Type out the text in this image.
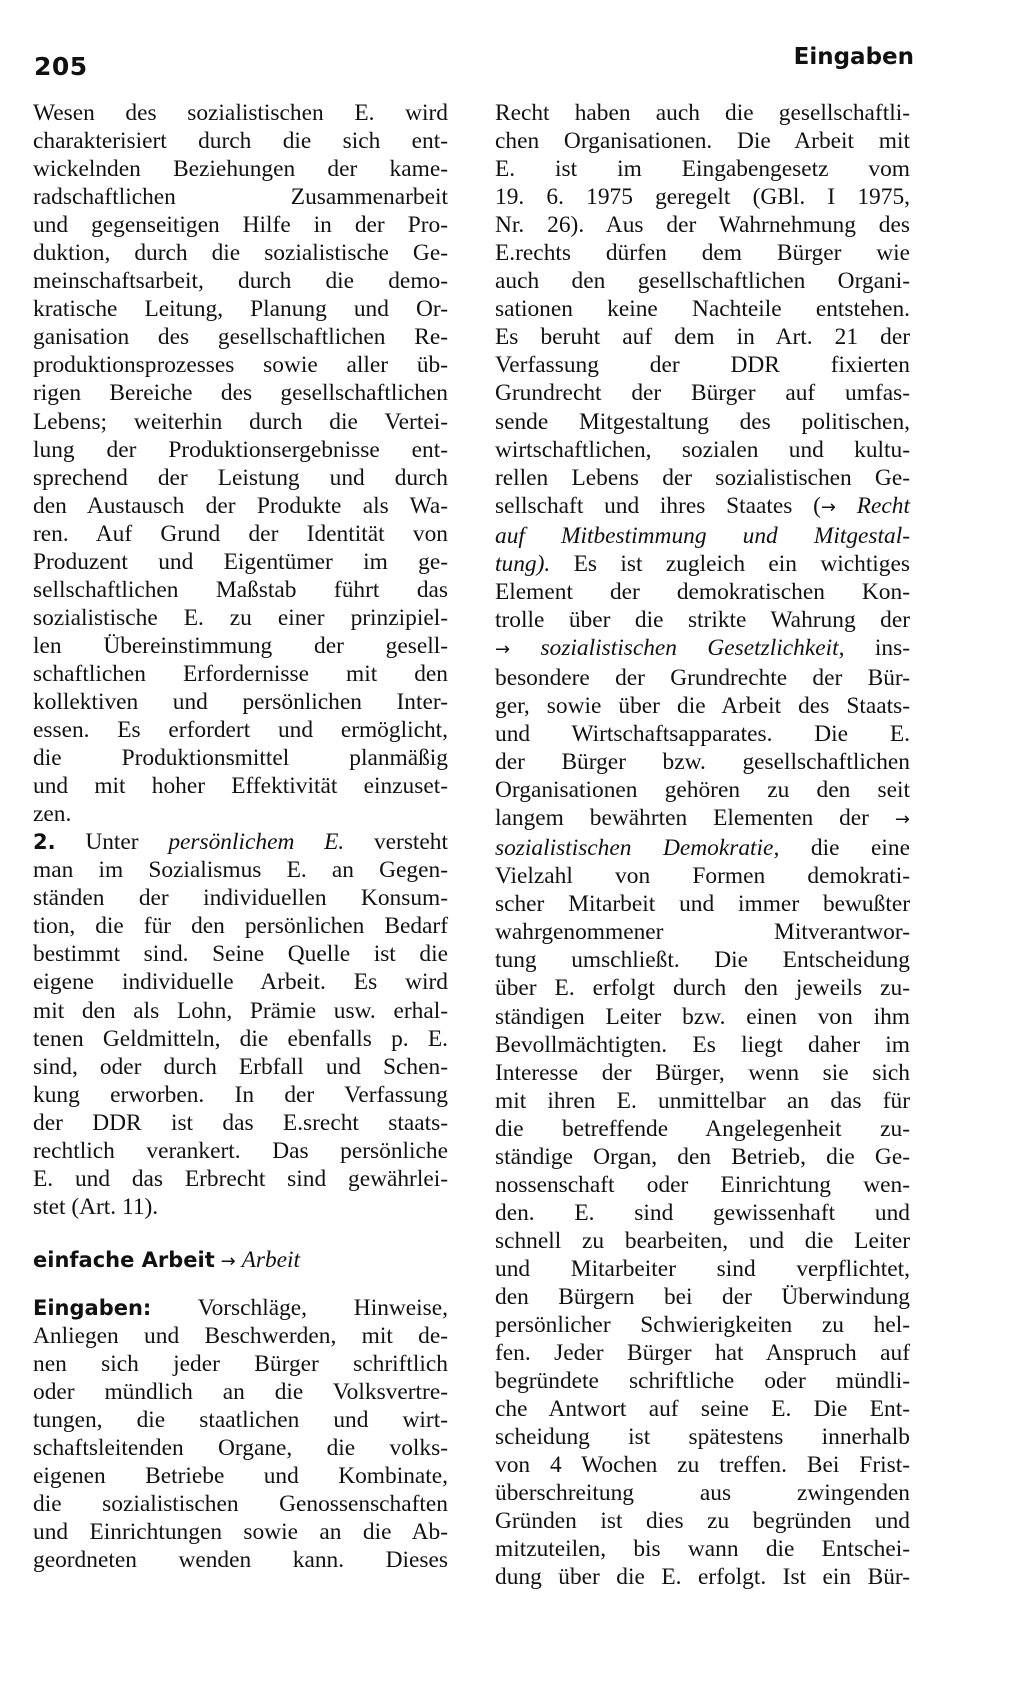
205	Eingaben
Wesen des sozialistischen E. wird
charakterisiert durch die sich ent-
wickelnden Beziehungen der kame-
radschaftlichen Zusammenarbeit
und gegenseitigen Hilfe in der Pro-
duktion, durch die sozialistische Ge-
meinschaftsarbeit, durch die demo-
kratische Leitung, Planung und Or-
ganisation des gesellschaftlichen Re-
produktionsprozesses sowie aller üb-
rigen Bereiche des gesellschaftlichen
Lebens; weiterhin durch die Vertei-
lung der Produktionsergebnisse ent-
sprechend der Leistung und durch
den Austausch der Produkte als Wa-
ren. Auf Grund der Identität von
Produzent und Eigentümer im ge-
sellschaftlichen Maßstab führt das
sozialistische E. zu einer prinzipiel-
len Übereinstimmung der gesell-
schaftlichen Erfordernisse mit den
kollektiven und persönlichen Inter-
essen. Es erfordert und ermöglicht,
die Produktionsmittel planmäßig
und mit hoher Effektivität einzuset-
zen.
2. Unter persönlichem E. versteht
man im Sozialismus E. an Gegen-
ständen der individuellen Konsum-
tion, die für den persönlichen Bedarf
bestimmt sind. Seine Quelle ist die
eigene individuelle Arbeit. Es wird
mit den als Lohn, Prämie usw. erhal-
tenen Geldmitteln, die ebenfalls p. E.
sind, oder durch Erbfall und Schen-
kung erworben. In der Verfassung
der DDR ist das E.srecht staats-
rechtlich verankert. Das persönliche
E. und das Erbrecht sind gewährlei-
stet (Art. 11).
einfache Arbeit → Arbeit
Eingaben: Vorschläge, Hinweise,
Anliegen und Beschwerden, mit de-
nen sich jeder Bürger schriftlich
oder mündlich an die Volksvertre-
tungen, die staatlichen und wirt-
schaftsleitenden Organe, die volks-
eigenen Betriebe und Kombinate,
die sozialistischen Genossenschaften
und Einrichtungen sowie an die Ab-
geordneten wenden kann. Dieses
Recht haben auch die gesellschaftli-
chen Organisationen. Die Arbeit mit
E. ist im Eingabengesetz vom
19. 6. 1975 geregelt (GBl. I 1975,
Nr. 26). Aus der Wahrnehmung des
E.rechts dürfen dem Bürger wie
auch den gesellschaftlichen Organi-
sationen keine Nachteile entstehen.
Es beruht auf dem in Art. 21 der
Verfassung der DDR fixierten
Grundrecht der Bürger auf umfas-
sende Mitgestaltung des politischen,
wirtschaftlichen, sozialen und kultu-
rellen Lebens der sozialistischen Ge-
sellschaft und ihres Staates (→ Recht
auf Mitbestimmung und Mitgestal-
tung). Es ist zugleich ein wichtiges
Element der demokratischen Kon-
trolle über die strikte Wahrung der
→ sozialistischen Gesetzlichkeit, ins-
besondere der Grundrechte der Bür-
ger, sowie über die Arbeit des Staats-
und Wirtschaftsapparates. Die E.
der Bürger bzw. gesellschaftlichen
Organisationen gehören zu den seit
langem bewährten Elementen der →
sozialistischen Demokratie, die eine
Vielzahl von Formen demokrati-
scher Mitarbeit und immer bewußter
wahrgenommener Mitverantwor-
tung umschließt. Die Entscheidung
über E. erfolgt durch den jeweils zu-
ständigen Leiter bzw. einen von ihm
Bevollmächtigten. Es liegt daher im
Interesse der Bürger, wenn sie sich
mit ihren E. unmittelbar an das für
die betreffende Angelegenheit zu-
ständige Organ, den Betrieb, die Ge-
nossenschaft oder Einrichtung wen-
den. E. sind gewissenhaft und
schnell zu bearbeiten, und die Leiter
und Mitarbeiter sind verpflichtet,
den Bürgern bei der Überwindung
persönlicher Schwierigkeiten zu hel-
fen. Jeder Bürger hat Anspruch auf
begründete schriftliche oder mündli-
che Antwort auf seine E. Die Ent-
scheidung ist spätestens innerhalb
von 4 Wochen zu treffen. Bei Frist-
überschreitung aus zwingenden
Gründen ist dies zu begründen und
mitzuteilen, bis wann die Entschei-
dung über die E. erfolgt. Ist ein Bür-
